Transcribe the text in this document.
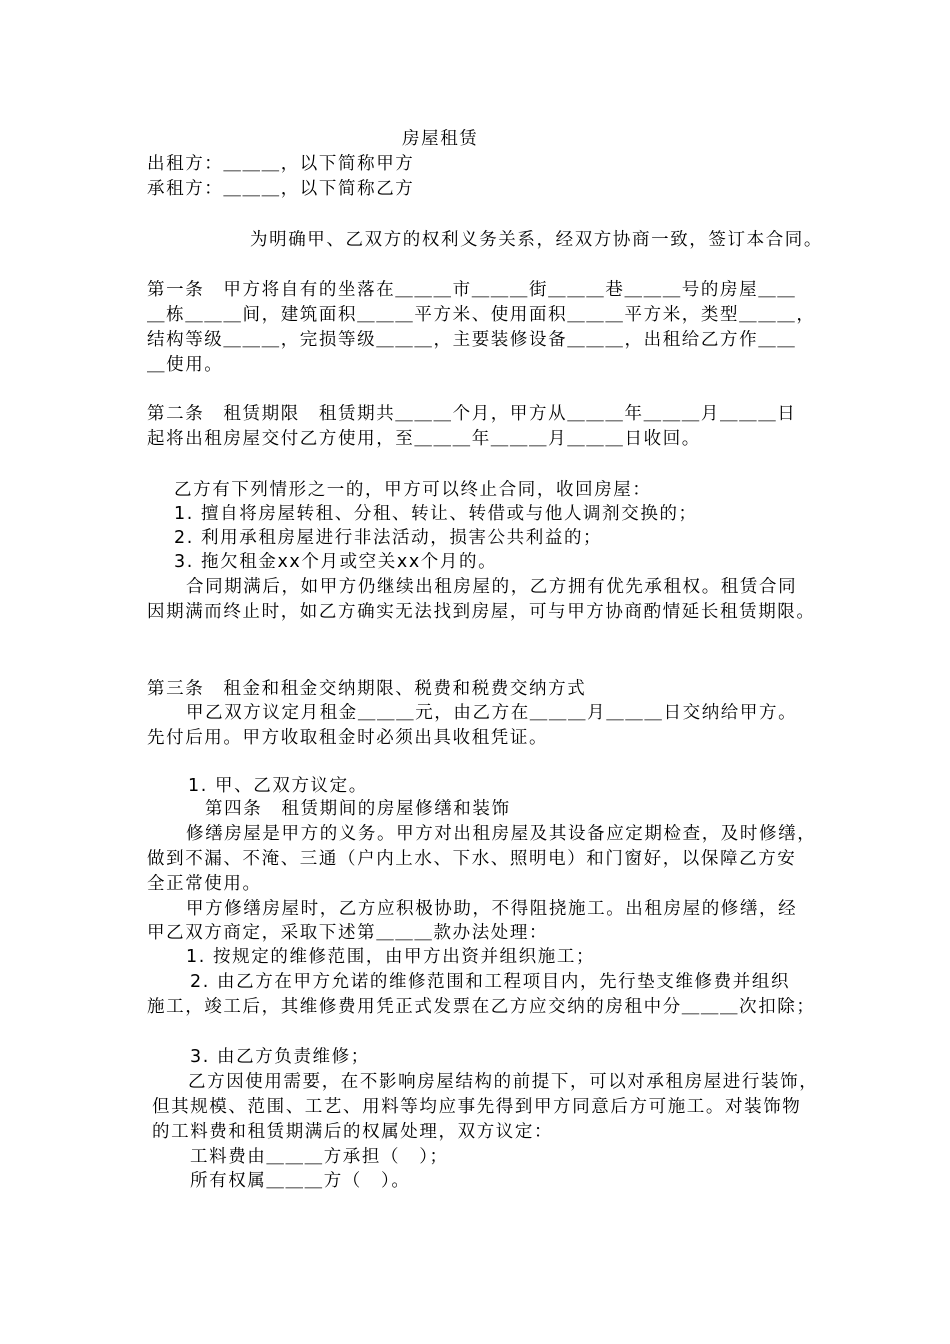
房屋租赁
出租方：＿＿＿，以下简称甲方
承租方：＿＿＿，以下简称乙方
为明确甲、乙双方的权利义务关系，经双方协商一致，签订本合同。
第一条　甲方将自有的坐落在＿＿＿市＿＿＿街＿＿＿巷＿＿＿号的房屋＿＿
＿栋＿＿＿间，建筑面积＿＿＿平方米、使用面积＿＿＿平方米，类型＿＿＿，
结构等级＿＿＿，完损等级＿＿＿，主要装修设备＿＿＿，出租给乙方作＿＿
＿使用。
第二条　租赁期限　租赁期共＿＿＿个月，甲方从＿＿＿年＿＿＿月＿＿＿日
起将出租房屋交付乙方使用，至＿＿＿年＿＿＿月＿＿＿日收回。
乙方有下列情形之一的，甲方可以终止合同，收回房屋：
1. 擅自将房屋转租、分租、转让、转借或与他人调剂交换的；
2. 利用承租房屋进行非法活动，损害公共利益的；
3. 拖欠租金xx个月或空关xx个月的。
合同期满后，如甲方仍继续出租房屋的，乙方拥有优先承租权。租赁合同
因期满而终止时，如乙方确实无法找到房屋，可与甲方协商酌情延长租赁期限。
第三条　租金和租金交纳期限、税费和税费交纳方式
甲乙双方议定月租金＿＿＿元，由乙方在＿＿＿月＿＿＿日交纳给甲方。
先付后用。甲方收取租金时必须出具收租凭证。
1. 甲、乙双方议定。
第四条　租赁期间的房屋修缮和装饰
修缮房屋是甲方的义务。甲方对出租房屋及其设备应定期检查，及时修缮，
做到不漏、不淹、三通（户内上水、下水、照明电）和门窗好，以保障乙方安
全正常使用。
甲方修缮房屋时，乙方应积极协助，不得阻挠施工。出租房屋的修缮，经
甲乙双方商定，采取下述第＿＿＿款办法处理：
1. 按规定的维修范围，由甲方出资并组织施工；
2. 由乙方在甲方允诺的维修范围和工程项目内，先行垫支维修费并组织
施工，竣工后，其维修费用凭正式发票在乙方应交纳的房租中分＿＿＿次扣除；
3. 由乙方负责维修；
乙方因使用需要，在不影响房屋结构的前提下，可以对承租房屋进行装饰，
但其规模、范围、工艺、用料等均应事先得到甲方同意后方可施工。对装饰物
的工料费和租赁期满后的权属处理，双方议定：
工料费由＿＿＿方承担（　）；
所有权属＿＿＿方（　）。
